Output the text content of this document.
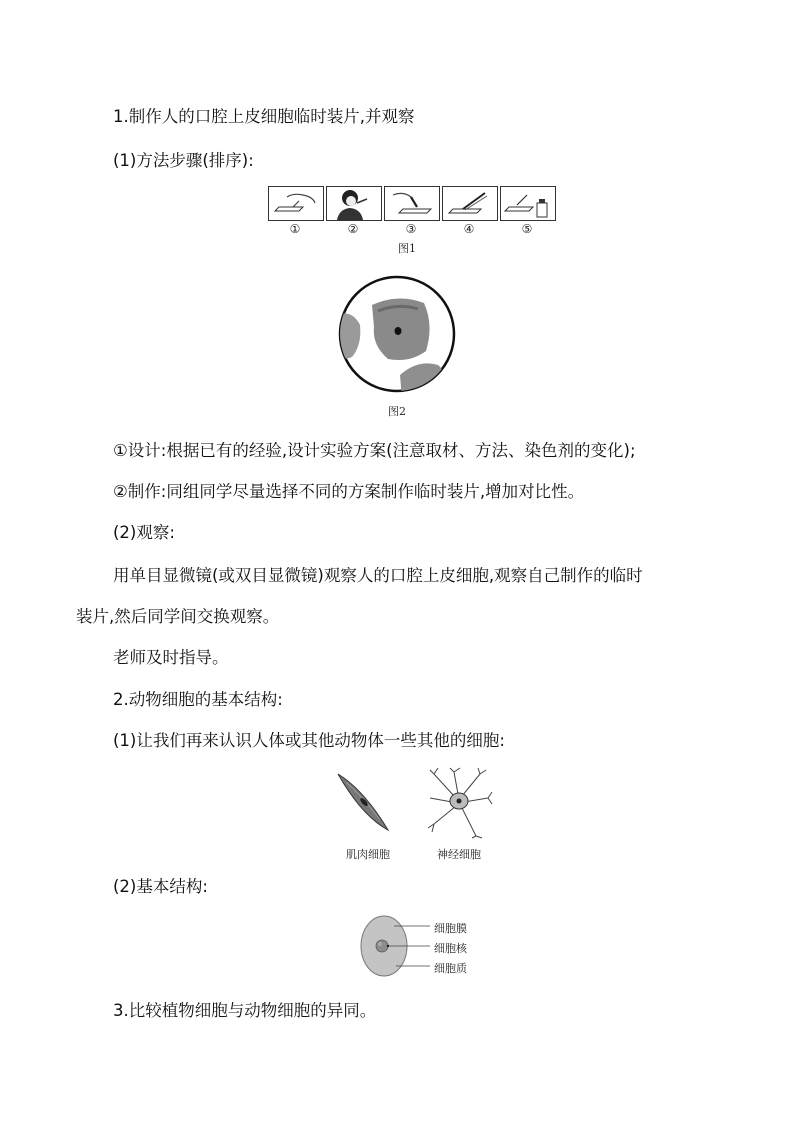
1.制作人的口腔上皮细胞临时装片,并观察
(1)方法步骤(排序):
①	②	③	④	⑤
图1
图2
①设计:根据已有的经验,设计实验方案(注意取材、方法、染色剂的变化);
②制作:同组同学尽量选择不同的方案制作临时装片,增加对比性。
(2)观察:
用单目显微镜(或双目显微镜)观察人的口腔上皮细胞,观察自己制作的临时
装片,然后同学间交换观察。
老师及时指导。
2.动物细胞的基本结构:
(1)让我们再来认识人体或其他动物体一些其他的细胞:
肌肉细胞	神经细胞
(2)基本结构:
细胞膜
细胞核
细胞质
3.比较植物细胞与动物细胞的异同。
